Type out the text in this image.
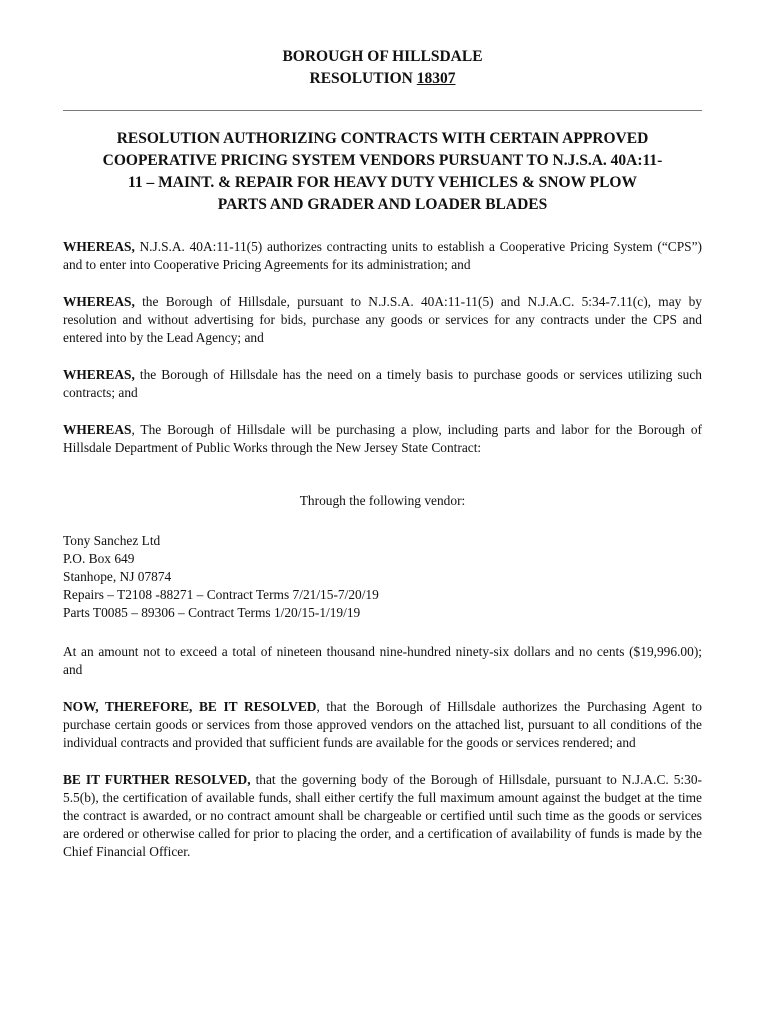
BOROUGH OF HILLSDALE
RESOLUTION 18307
RESOLUTION AUTHORIZING CONTRACTS WITH CERTAIN APPROVED
COOPERATIVE PRICING SYSTEM VENDORS PURSUANT TO N.J.S.A. 40A:11-
11 – MAINT. & REPAIR FOR HEAVY DUTY VEHICLES & SNOW PLOW
PARTS AND GRADER AND LOADER BLADES
WHEREAS, N.J.S.A. 40A:11-11(5) authorizes contracting units to establish a Cooperative Pricing System (“CPS”) and to enter into Cooperative Pricing Agreements for its administration; and
WHEREAS, the Borough of Hillsdale, pursuant to N.J.S.A. 40A:11-11(5) and N.J.A.C. 5:34-7.11(c), may by resolution and without advertising for bids, purchase any goods or services for any contracts under the CPS and entered into by the Lead Agency; and
WHEREAS, the Borough of Hillsdale has the need on a timely basis to purchase goods or services utilizing such contracts; and
WHEREAS, The Borough of Hillsdale will be purchasing a plow, including parts and labor for the Borough of Hillsdale Department of Public Works through the New Jersey State Contract:
Through the following vendor:
Tony Sanchez Ltd
P.O. Box 649
Stanhope, NJ 07874
Repairs – T2108 -88271 – Contract Terms 7/21/15-7/20/19
Parts T0085 – 89306 – Contract Terms 1/20/15-1/19/19
At an amount not to exceed a total of nineteen thousand nine-hundred ninety-six dollars and no cents ($19,996.00); and
NOW, THEREFORE, BE IT RESOLVED, that the Borough of Hillsdale authorizes the Purchasing Agent to purchase certain goods or services from those approved vendors on the attached list, pursuant to all conditions of the individual contracts and provided that sufficient funds are available for the goods or services rendered; and
BE IT FURTHER RESOLVED, that the governing body of the Borough of Hillsdale, pursuant to N.J.A.C. 5:30-5.5(b), the certification of available funds, shall either certify the full maximum amount against the budget at the time the contract is awarded, or no contract amount shall be chargeable or certified until such time as the goods or services are ordered or otherwise called for prior to placing the order, and a certification of availability of funds is made by the Chief Financial Officer.
